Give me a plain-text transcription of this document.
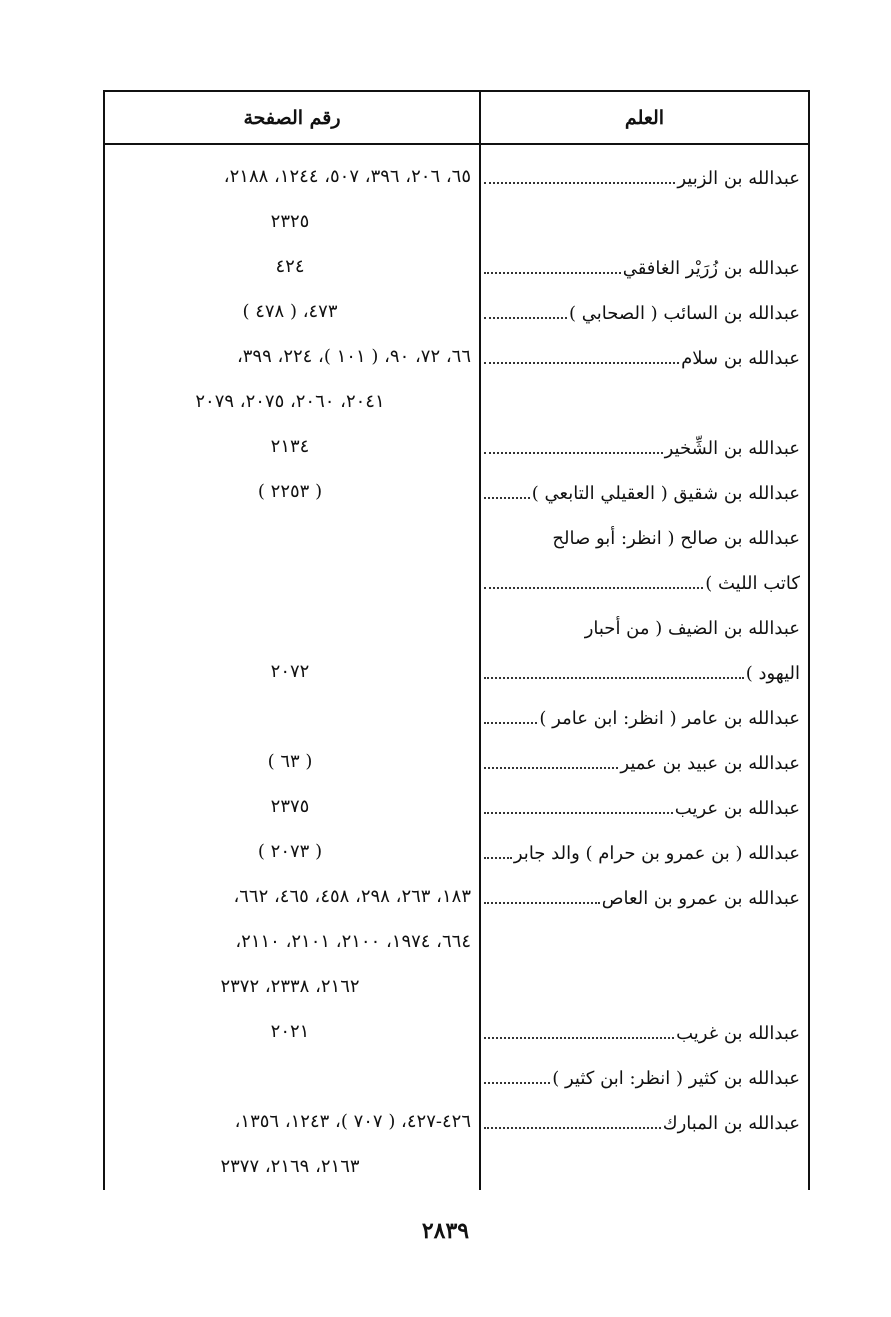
العلم
رقم الصفحة
عبدالله بن الزبير
٦٥، ٢٠٦، ٣٩٦، ٥٠٧، ١٢٤٤، ٢١٨٨،
٢٣٢٥
عبدالله بن زُرَيْر الغافقي
٤٢٤
عبدالله بن السائب ( الصحابي )
٤٧٣، ( ٤٧٨ )
عبدالله بن سلام
٦٦، ٧٢، ٩٠، ( ١٠١ )، ٢٢٤، ٣٩٩،
٢٠٤١، ٢٠٦٠، ٢٠٧٥، ٢٠٧٩
عبدالله بن الشِّخير
٢١٣٤
عبدالله بن شقيق ( العقيلي التابعي )
( ٢٢٥٣ )
عبدالله بن صالح ( انظر: أبو صالح
كاتب الليث )
عبدالله بن الضيف ( من أحبار
اليهود )
٢٠٧٢
عبدالله بن عامر ( انظر: ابن عامر )
عبدالله بن عبيد بن عمير
( ٦٣ )
عبدالله بن عريب
٢٣٧٥
عبدالله ( بن عمرو بن حرام ) والد جابر
( ٢٠٧٣ )
عبدالله بن عمرو بن العاص
١٨٣، ٢٦٣، ٢٩٨، ٤٥٨، ٤٦٥، ٦٦٢،
٦٦٤، ١٩٧٤، ٢١٠٠، ٢١٠١، ٢١١٠،
٢١٦٢، ٢٣٣٨، ٢٣٧٢
عبدالله بن غريب
٢٠٢١
عبدالله بن كثير ( انظر: ابن كثير )
عبدالله بن المبارك
٤٢٦-٤٢٧، ( ٧٠٧ )، ١٢٤٣، ١٣٥٦،
٢١٦٣، ٢١٦٩، ٢٣٧٧
٢٨٣٩
